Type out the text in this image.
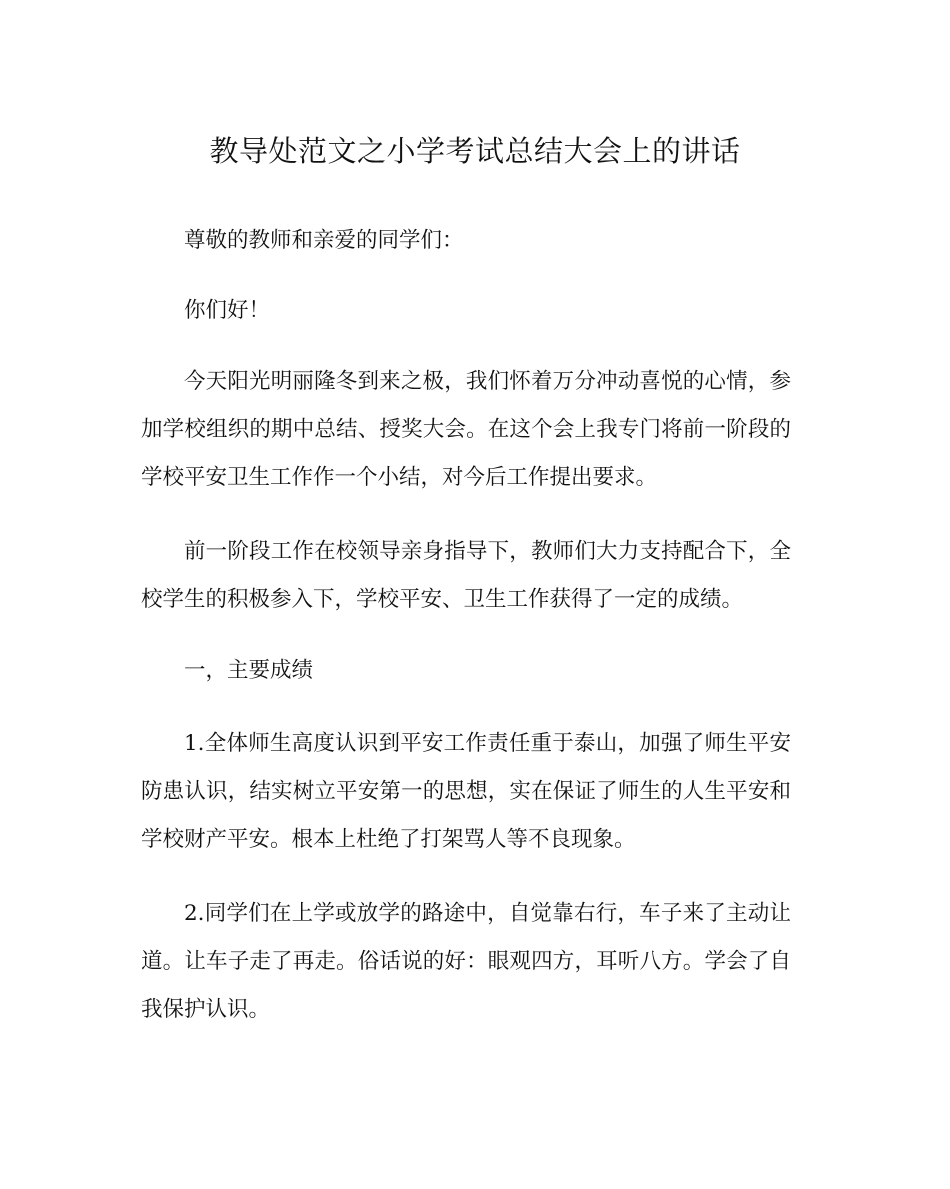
教导处范文之小学考试总结大会上的讲话
尊敬的教师和亲爱的同学们：
你们好！
今天阳光明丽隆冬到来之极，我们怀着万分冲动喜悦的心情，参
加学校组织的期中总结、授奖大会。在这个会上我专门将前一阶段的
学校平安卫生工作作一个小结，对今后工作提出要求。
前一阶段工作在校领导亲身指导下，教师们大力支持配合下，全
校学生的积极参入下，学校平安、卫生工作获得了一定的成绩。
一，主要成绩
1.全体师生高度认识到平安工作责任重于泰山，加强了师生平安
防患认识，结实树立平安第一的思想，实在保证了师生的人生平安和
学校财产平安。根本上杜绝了打架骂人等不良现象。
2.同学们在上学或放学的路途中，自觉靠右行，车子来了主动让
道。让车子走了再走。俗话说的好：眼观四方，耳听八方。学会了自
我保护认识。
